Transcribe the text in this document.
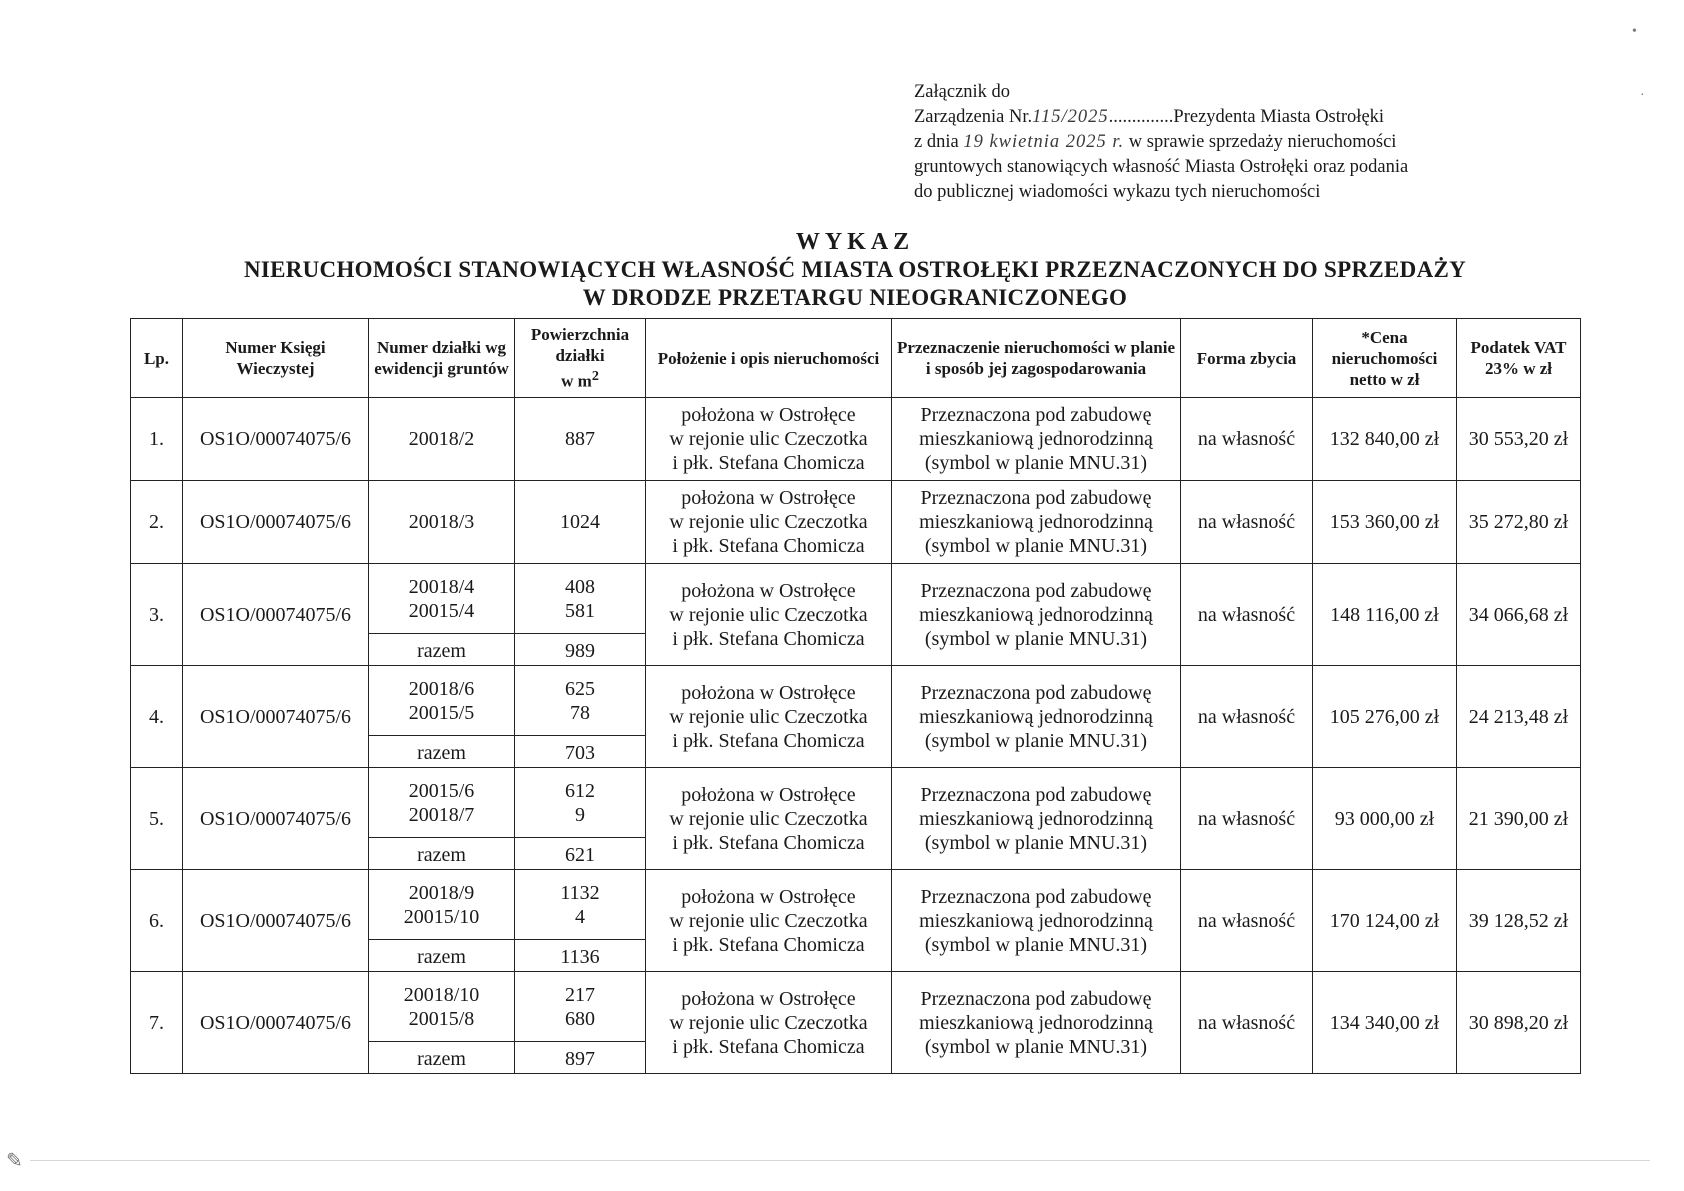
Załącznik do
Zarządzenia Nr.115/2025..............Prezydenta Miasta Ostrołęki
z dnia 19 kwietnia 2025 r. w sprawie sprzedaży nieruchomości
gruntowych stanowiących własność Miasta Ostrołęki oraz podania
do publicznej wiadomości wykazu tych nieruchomości
WYKAZ
NIERUCHOMOŚCI STANOWIĄCYCH WŁASNOŚĆ MIASTA OSTROŁĘKI PRZEZNACZONYCH DO SPRZEDAŻY
W DRODZE PRZETARGU NIEOGRANICZONEGO
Lp.	Numer Księgi Wieczystej	Numer działki wg ewidencji gruntów	Powierzchnia działki
w $m^2$	Położenie i opis nieruchomości	Przeznaczenie nieruchomości w planie i sposób jej zagospodarowania	Forma zbycia	*Cena nieruchomości netto w zł	Podatek VAT 23% w zł
1.	OS1O/00074075/6	20018/2	887	położona w Ostrołęce
w rejonie ulic Czeczotka
i płk. Stefana Chomicza	Przeznaczona pod zabudowę
mieszkaniową jednorodzinną
(symbol w planie MNU.31)	na własność	132 840,00 zł	30 553,20 zł
2.	OS1O/00074075/6	20018/3	1024	położona w Ostrołęce
w rejonie ulic Czeczotka
i płk. Stefana Chomicza	Przeznaczona pod zabudowę
mieszkaniową jednorodzinną
(symbol w planie MNU.31)	na własność	153 360,00 zł	35 272,80 zł
3.	OS1O/00074075/6	20018/4
20015/4	408
581	położona w Ostrołęce
w rejonie ulic Czeczotka
i płk. Stefana Chomicza	Przeznaczona pod zabudowę
mieszkaniową jednorodzinną
(symbol w planie MNU.31)	na własność	148 116,00 zł	34 066,68 zł
		razem	989					
4.	OS1O/00074075/6	20018/6
20015/5	625
78	położona w Ostrołęce
w rejonie ulic Czeczotka
i płk. Stefana Chomicza	Przeznaczona pod zabudowę
mieszkaniową jednorodzinną
(symbol w planie MNU.31)	na własność	105 276,00 zł	24 213,48 zł
		razem	703					
5.	OS1O/00074075/6	20015/6
20018/7	612
9	położona w Ostrołęce
w rejonie ulic Czeczotka
i płk. Stefana Chomicza	Przeznaczona pod zabudowę
mieszkaniową jednorodzinną
(symbol w planie MNU.31)	na własność	93 000,00 zł	21 390,00 zł
		razem	621					
6.	OS1O/00074075/6	20018/9
20015/10	1132
4	położona w Ostrołęce
w rejonie ulic Czeczotka
i płk. Stefana Chomicza	Przeznaczona pod zabudowę
mieszkaniową jednorodzinną
(symbol w planie MNU.31)	na własność	170 124,00 zł	39 128,52 zł
		razem	1136					
7.	OS1O/00074075/6	20018/10
20015/8	217
680	położona w Ostrołęce
w rejonie ulic Czeczotka
i płk. Stefana Chomicza	Przeznaczona pod zabudowę
mieszkaniową jednorodzinną
(symbol w planie MNU.31)	na własność	134 340,00 zł	30 898,20 zł
		razem	897					
•
·
✎
